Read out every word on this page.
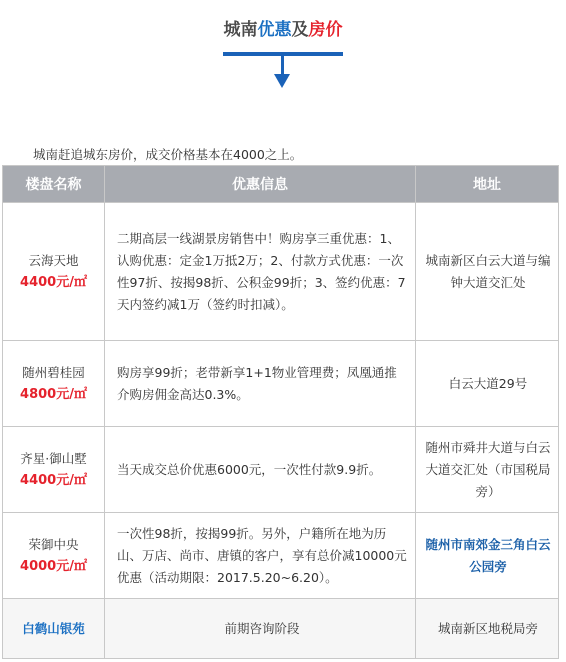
城南优惠及房价
城南赶追城东房价，成交价格基本在4000之上。
楼盘名称	优惠信息	地址

云海天地
4400元/㎡	二期高层一线湖景房销售中！购房享三重优惠：1、认购优惠：定金1万抵2万；2、付款方式优惠：一次性97折、按揭98折、公积金99折；3、签约优惠：7天内签约减1万（签约时扣减）。	城南新区白云大道与编钟大道交汇处

随州碧桂园
4800元/㎡	购房享99折；老带新享1+1物业管理费；凤凰通推介购房佣金高达0.3%。	白云大道29号

齐星·御山墅
4400元/㎡	当天成交总价优惠6000元，一次性付款9.9折。	随州市舜井大道与白云大道交汇处（市国税局旁）

荣御中央
4000元/㎡	一次性98折，按揭99折。另外，户籍所在地为历山、万店、尚市、唐镇的客户，享有总价减10000元优惠（活动期限：2017.5.20~6.20）。	随州市南郊金三角白云公园旁

白鹤山银苑	前期咨询阶段	城南新区地税局旁
